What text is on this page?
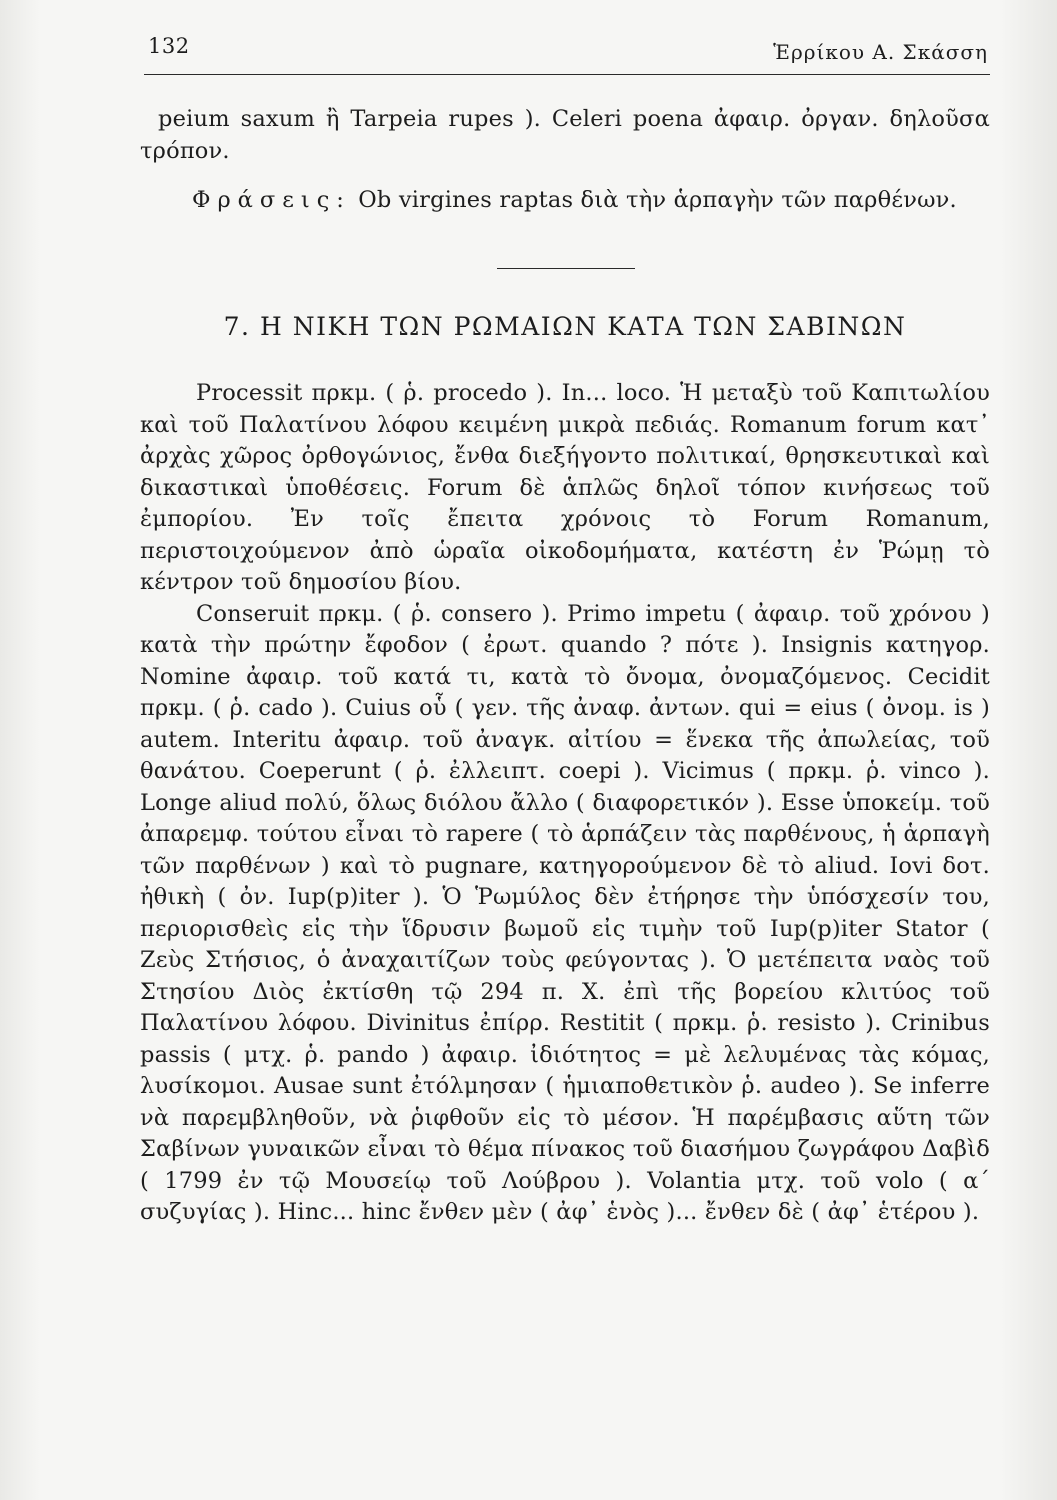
132	Ἑρρίκου Α. Σκάσση

peium saxum ἢ Tarpeia rupes ). Celeri poena ἀφαιρ. ὀργαν. δηλοῦσα τρόπον.

Φράσεις: Ob virgines raptas διὰ τὴν ἁρπαγὴν τῶν παρθένων.

7. Η ΝΙΚΗ ΤΩΝ ΡΩΜΑΙΩΝ ΚΑΤΑ ΤΩΝ ΣΑΒΙΝΩΝ

Processit πρκμ. ( ῥ. procedo ). In... loco. Ἡ μεταξὺ τοῦ Καπιτωλίου καὶ τοῦ Παλατίνου λόφου κειμένη μικρὰ πεδιάς. Romanum forum κατ᾽ ἀρχὰς χῶρος ὀρθογώνιος, ἔνθα διεξήγοντο πολιτικαί, θρησκευτικαὶ καὶ δικαστικαὶ ὑποθέσεις. Forum δὲ ἁπλῶς δηλοῖ τόπον κινήσεως τοῦ ἐμπορίου. Ἐν τοῖς ἔπειτα χρόνοις τὸ Forum Romanum, περιστοιχούμενον ἀπὸ ὡραῖα οἰκοδομήματα, κατέστη ἐν Ῥώμῃ τὸ κέντρον τοῦ δημοσίου βίου.

Conseruit πρκμ. ( ῥ. consero ). Primo impetu ( ἀφαιρ. τοῦ χρόνου ) κατὰ τὴν πρώτην ἔφοδον ( ἐρωτ. quando ? πότε ). Insignis κατηγορ. Nomine ἀφαιρ. τοῦ κατά τι, κατὰ τὸ ὄνομα, ὀνομαζόμενος. Cecidit πρκμ. ( ῥ. cado ). Cuius οὗ ( γεν. τῆς ἀναφ. ἀντων. qui = eius ( ὀνομ. is ) autem. Interitu ἀφαιρ. τοῦ ἀναγκ. αἰτίου = ἕνεκα τῆς ἀπωλείας, τοῦ θανάτου. Coeperunt ( ῥ. ἐλλειπτ. coepi ). Vicimus ( πρκμ. ῥ. vinco ). Longe aliud πολύ, ὅλως διόλου ἄλλο ( διαφορετικόν ). Esse ὑποκείμ. τοῦ ἀπαρεμφ. τούτου εἶναι τὸ rapere ( τὸ ἁρπάζειν τὰς παρθένους, ἡ ἁρπαγὴ τῶν παρθένων ) καὶ τὸ pugnare, κατηγορούμενον δὲ τὸ aliud. Iovi δοτ. ἠθικὴ ( ὀν. Iup(p)iter ). Ὁ Ῥωμύλος δὲν ἐτήρησε τὴν ὑπόσχεσίν του, περιορισθεὶς εἰς τὴν ἵδρυσιν βωμοῦ εἰς τιμὴν τοῦ Iup(p)iter Stator ( Ζεὺς Στήσιος, ὁ ἀναχαιτίζων τοὺς φεύγοντας ). Ὁ μετέπειτα ναὸς τοῦ Στησίου Διὸς ἐκτίσθη τῷ 294 π. Χ. ἐπὶ τῆς βορείου κλιτύος τοῦ Παλατίνου λόφου. Divinitus ἐπίρρ. Restitit ( πρκμ. ῥ. resisto ). Crinibus passis ( μτχ. ῥ. pando ) ἀφαιρ. ἰδιότητος = μὲ λελυμένας τὰς κόμας, λυσίκομοι. Ausae sunt ἐτόλμησαν ( ἡμιαποθετικὸν ῥ. audeo ). Se inferre νὰ παρεμβληθοῦν, νὰ ῥιφθοῦν εἰς τὸ μέσον. Ἡ παρέμβασις αὕτη τῶν Σαβίνων γυναικῶν εἶναι τὸ θέμα πίνακος τοῦ διασήμου ζωγράφου Δαβὶδ ( 1799 ἐν τῷ Μουσείῳ τοῦ Λούβρου ). Volantia μτχ. τοῦ volo ( α´ συζυγίας ). Hinc... hinc ἔνθεν μὲν ( ἀφ᾽ ἑνὸς )... ἔνθεν δὲ ( ἀφ᾽ ἑτέρου ).
